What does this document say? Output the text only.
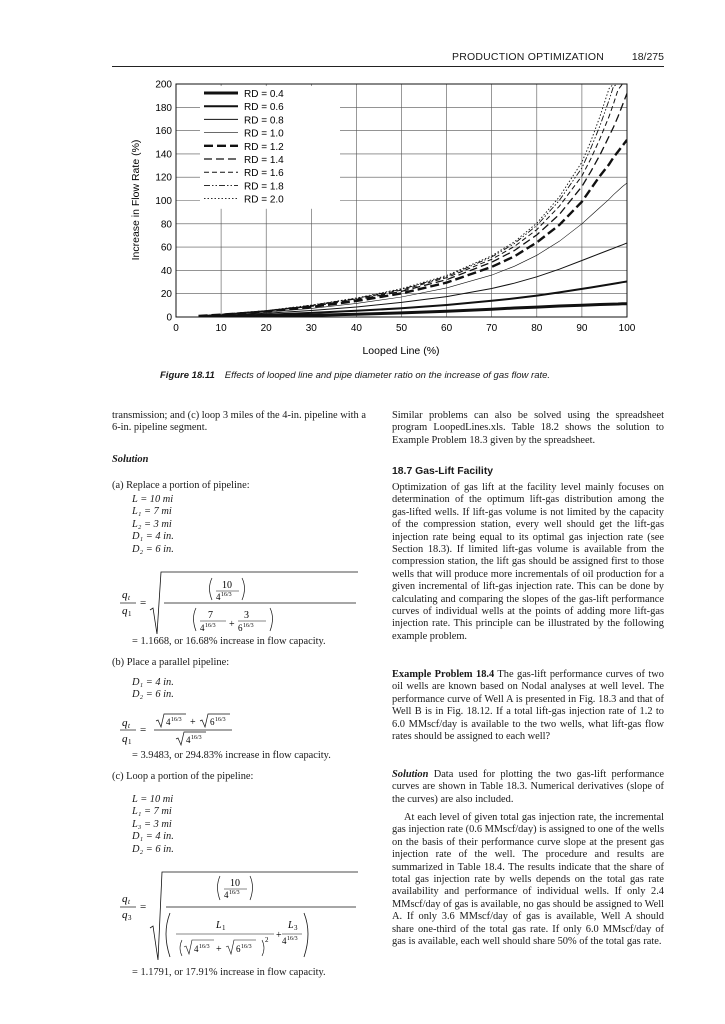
PRODUCTION OPTIMIZATION	18/275
0
20
40
60
80
100
120
140
160
180
200
0	10	20	30	40	50	60	70	80	90	100
RD = 0.4
RD = 0.6
RD = 0.8
RD = 1.0
RD = 1.2
RD = 1.4
RD = 1.6
RD = 1.8
RD = 2.0
Increase in Flow Rate (%)
Looped Line (%)
Figure 18.11 Effects of looped line and pipe diameter ratio on the increase of gas flow rate.
transmission; and (c) loop 3 miles of the 4-in. pipeline with a 6-in. pipeline segment.
Solution
(a) Replace a portion of pipeline:
L = 10 mi
L₁ = 7 mi
L₂ = 3 mi
D₁ = 4 in.
D₂ = 6 in.
q t
q 1
=
10
4 16/3
7
4 16/3 +
3
6 16/3
= 1.1668, or 16.68% increase in flow capacity.
(b) Place a parallel pipeline:
D₁ = 4 in.
D₂ = 6 in.
q t
q 1
=
4 16/3 + 6 16/3
4 16/3
= 3.9483, or 294.83% increase in flow capacity.
(c) Loop a portion of the pipeline:
L = 10 mi
L₁ = 7 mi
L₃ = 3 mi
D₁ = 4 in.
D₂ = 6 in.
q t
q 3
=
10
4 16/3
L 1
4 16/3 + 6 16/3
2 +
L 3
4 16/3
= 1.1791, or 17.91% increase in flow capacity.
Similar problems can also be solved using the spreadsheet program LoopedLines.xls. Table 18.2 shows the solution to Example Problem 18.3 given by the spreadsheet.
18.7 Gas-Lift Facility
Optimization of gas lift at the facility level mainly focuses on determination of the optimum lift-gas distribution among the gas-lifted wells. If lift-gas volume is not limited by the capacity of the compression station, every well should get the lift-gas injection rate being equal to its optimal gas injection rate (see Section 18.3). If limited lift-gas volume is available from the compression station, the lift gas should be assigned first to those wells that will produce more incrementals of oil production for a given incremental of lift-gas injection rate. This can be done by calculating and comparing the slopes of the gas-lift performance curves of individual wells at the points of adding more lift-gas injection rate. This principle can be illustrated by the following example problem.
Example Problem 18.4 The gas-lift performance curves of two oil wells are known based on Nodal analyses at well level. The performance curve of Well A is presented in Fig. 18.3 and that of Well B is in Fig. 18.12. If a total lift-gas injection rate of 1.2 to 6.0 MMscf/day is available to the two wells, what lift-gas flow rates should be assigned to each well?
Solution Data used for plotting the two gas-lift performance curves are shown in Table 18.3. Numerical derivatives (slope of the curves) are also included.
At each level of given total gas injection rate, the incremental gas injection rate (0.6 MMscf/day) is assigned to one of the wells on the basis of their performance curve slope at the present gas injection rate of the well. The procedure and results are summarized in Table 18.4. The results indicate that the share of total gas injection rate by wells depends on the total gas rate availability and performance of individual wells. If only 2.4 MMscf/day of gas is available, no gas should be assigned to Well A. If only 3.6 MMscf/day of gas is available, Well A should share one-third of the total gas rate. If only 6.0 MMscf/day of gas is available, each well should share 50% of the total gas rate.
